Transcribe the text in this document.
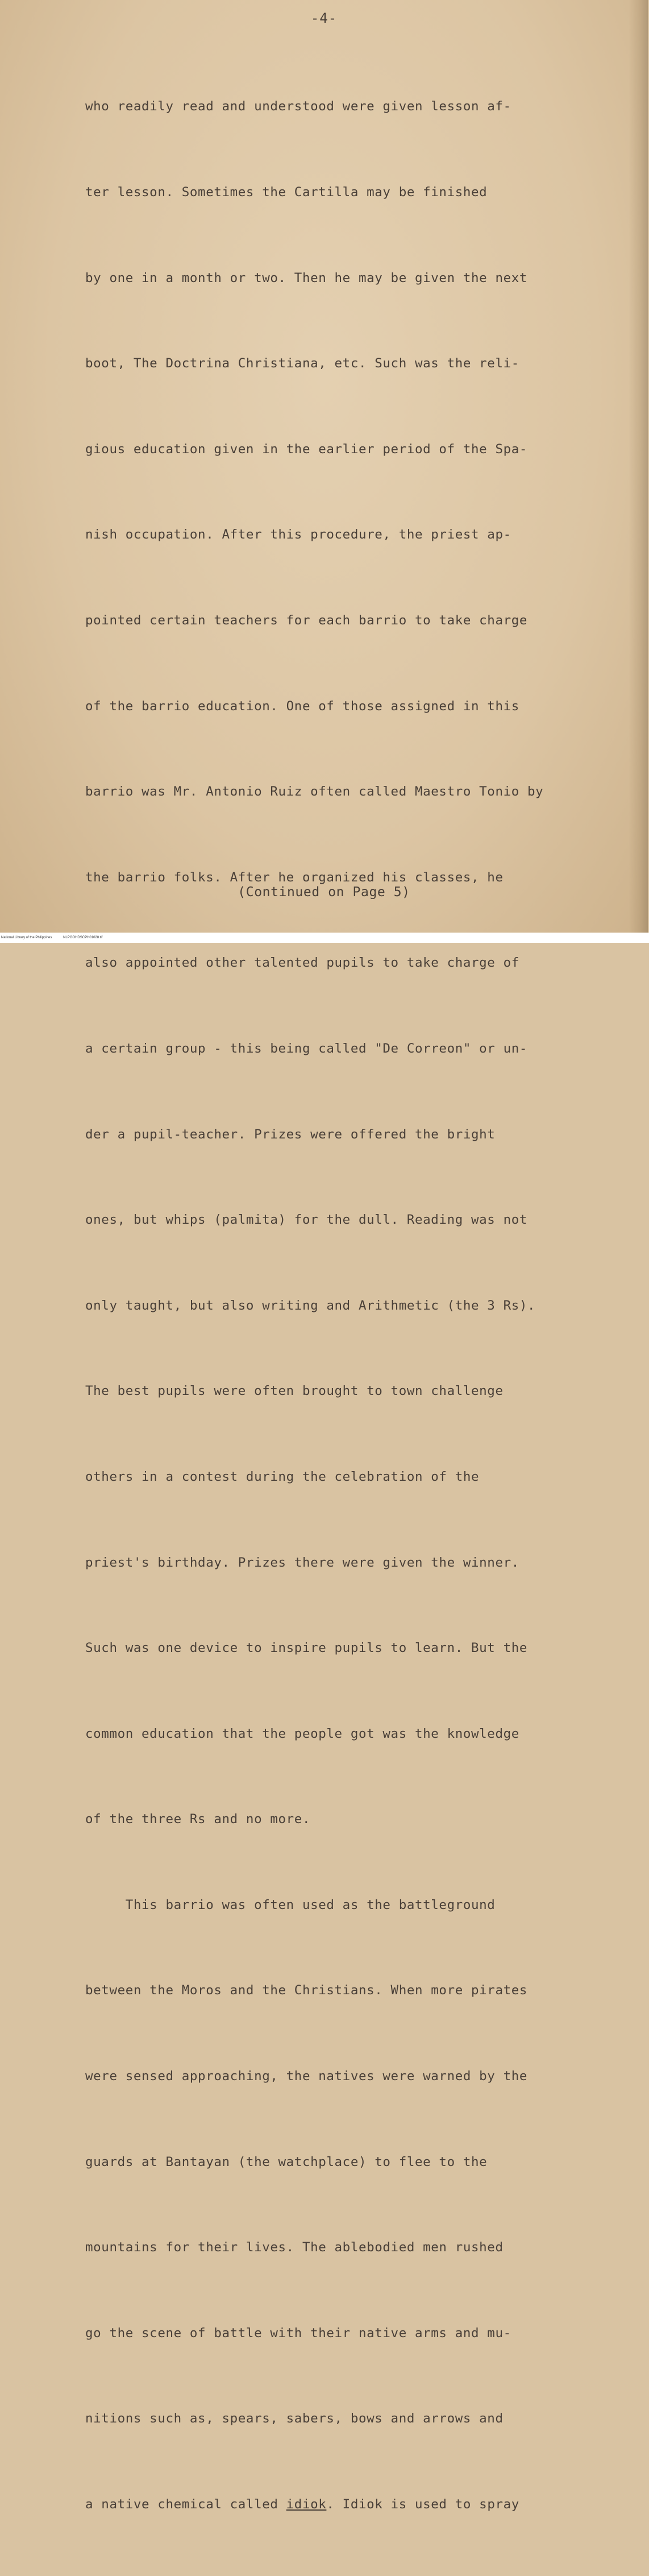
-4-

who readily read and understood were given lesson af-

ter lesson. Sometimes the Cartilla may be finished

by one in a month or two. Then he may be given the next

boot, The Doctrina Christiana, etc. Such was the reli-

gious education given in the earlier period of the Spa-

nish occupation. After this procedure, the priest ap-

pointed certain teachers for each barrio to take charge

of the barrio education. One of those assigned in this

barrio was Mr. Antonio Ruiz often called Maestro Tonio by

the barrio folks. After he organized his classes, he

also appointed other talented pupils to take charge of

a certain group - this being called "De Correon" or un-

der a pupil-teacher. Prizes were offered the bright

ones, but whips (palmita) for the dull. Reading was not

only taught, but also writing and Arithmetic (the 3 Rs).

The best pupils were often brought to town challenge

others in a contest during the celebration of the

priest's birthday. Prizes there were given the winner.

Such was one device to inspire pupils to learn. But the

common education that the people got was the knowledge

of the three Rs and no more.

This barrio was often used as the battleground

between the Moros and the Christians. When more pirates

were sensed approaching, the natives were warned by the

guards at Bantayan (the watchplace) to flee to the

mountains for their lives. The ablebodied men rushed

go the scene of battle with their native arms and mu-

nitions such as, spears, sabers, bows and arrows and

a native chemical called idiok. Idiok is used to spray

(Continued on Page 5)
National Library of the Philippines	NLPGOHDSCPH01028.tif
